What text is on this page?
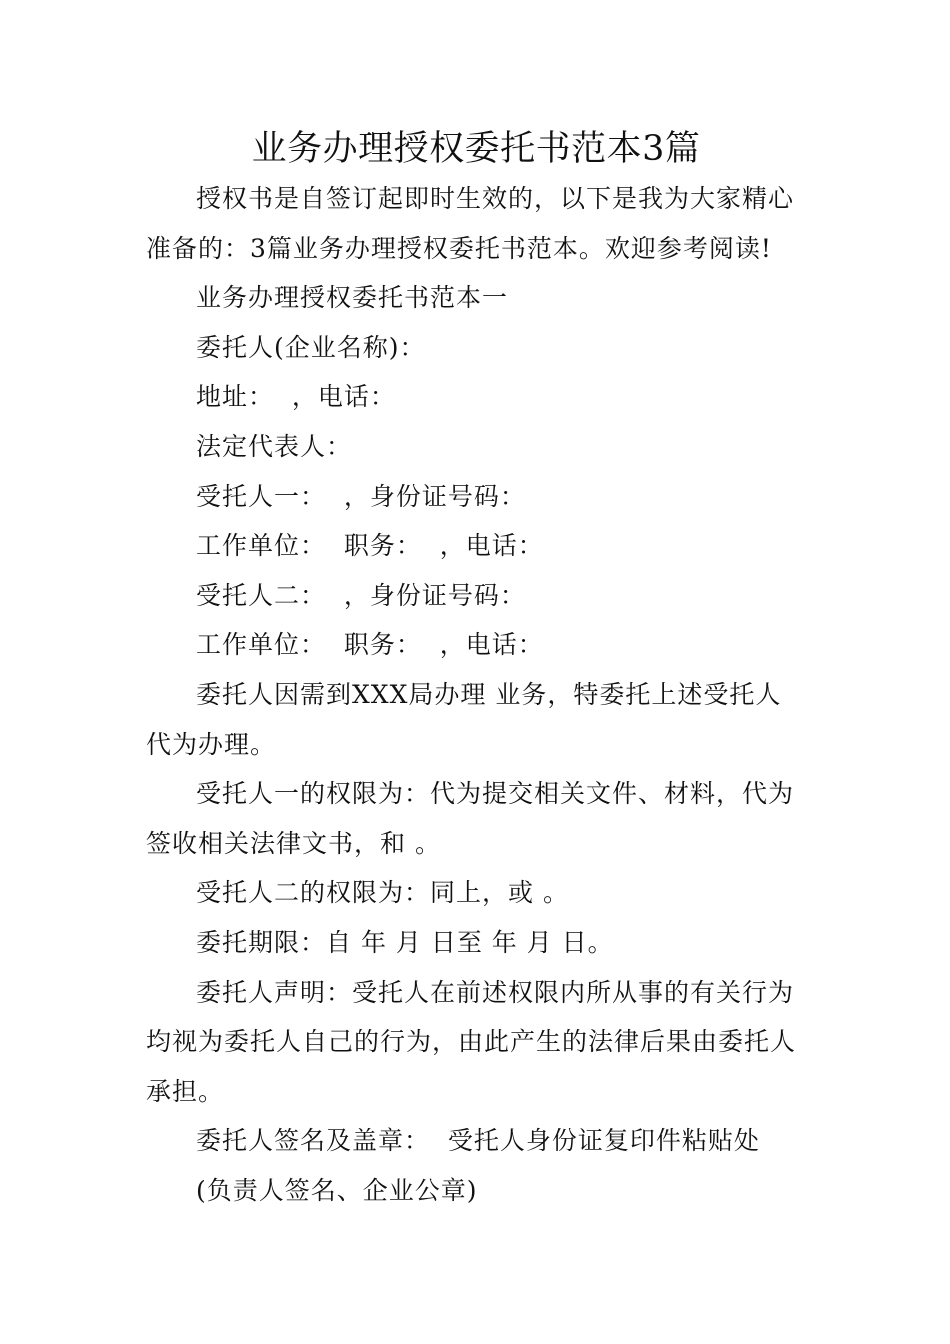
业务办理授权委托书范本3篇

授权书是自签订起即时生效的，以下是我为大家精心准备的：3篇业务办理授权委托书范本。欢迎参考阅读!

业务办理授权委托书范本一

委托人(企业名称)：

地址：  ，电话：

法定代表人：

受托人一：  ，身份证号码：

工作单位：  职务：  ，电话：

受托人二：  ，身份证号码：

工作单位：  职务：  ，电话：

委托人因需到XXX局办理 业务，特委托上述受托人代为办理。

受托人一的权限为：代为提交相关文件、材料，代为签收相关法律文书，和 。

受托人二的权限为：同上，或 。

委托期限：自 年 月 日至 年 月 日。

委托人声明：受托人在前述权限内所从事的有关行为均视为委托人自己的行为，由此产生的法律后果由委托人承担。

委托人签名及盖章：  受托人身份证复印件粘贴处

(负责人签名、企业公章)
